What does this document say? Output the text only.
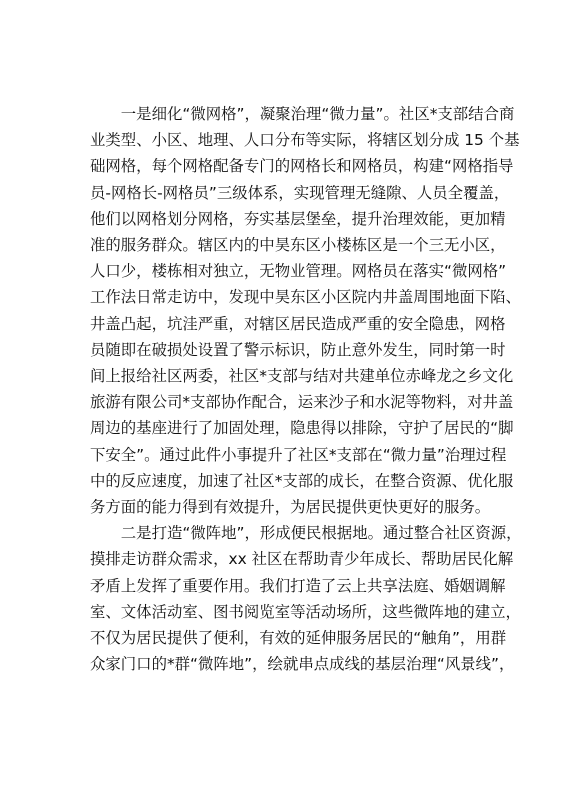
　　一是细化“微网格”，凝聚治理“微力量”。社区*支部结合商
业类型、小区、地理、人口分布等实际，将辖区划分成 15 个基
础网格，每个网格配备专门的网格长和网格员，构建“网格指导
员-网格长-网格员”三级体系，实现管理无缝隙、人员全覆盖，
他们以网格划分网格，夯实基层堡垒，提升治理效能，更加精
准的服务群众。辖区内的中昊东区小楼栋区是一个三无小区，
人口少，楼栋相对独立，无物业管理。网格员在落实“微网格”
工作法日常走访中，发现中昊东区小区院内井盖周围地面下陷、
井盖凸起，坑洼严重，对辖区居民造成严重的安全隐患，网格
员随即在破损处设置了警示标识，防止意外发生，同时第一时
间上报给社区两委，社区*支部与结对共建单位赤峰龙之乡文化
旅游有限公司*支部协作配合，运来沙子和水泥等物料，对井盖
周边的基座进行了加固处理，隐患得以排除，守护了居民的“脚
下安全”。通过此件小事提升了社区*支部在“微力量”治理过程
中的反应速度，加速了社区*支部的成长，在整合资源、优化服
务方面的能力得到有效提升，为居民提供更快更好的服务。

　　二是打造“微阵地”，形成便民根据地。通过整合社区资源，
摸排走访群众需求，xx 社区在帮助青少年成长、帮助居民化解
矛盾上发挥了重要作用。我们打造了云上共享法庭、婚姻调解
室、文体活动室、图书阅览室等活动场所，这些微阵地的建立，
不仅为居民提供了便利，有效的延伸服务居民的“触角”，用群
众家门口的*群“微阵地”，绘就串点成线的基层治理“风景线”，
